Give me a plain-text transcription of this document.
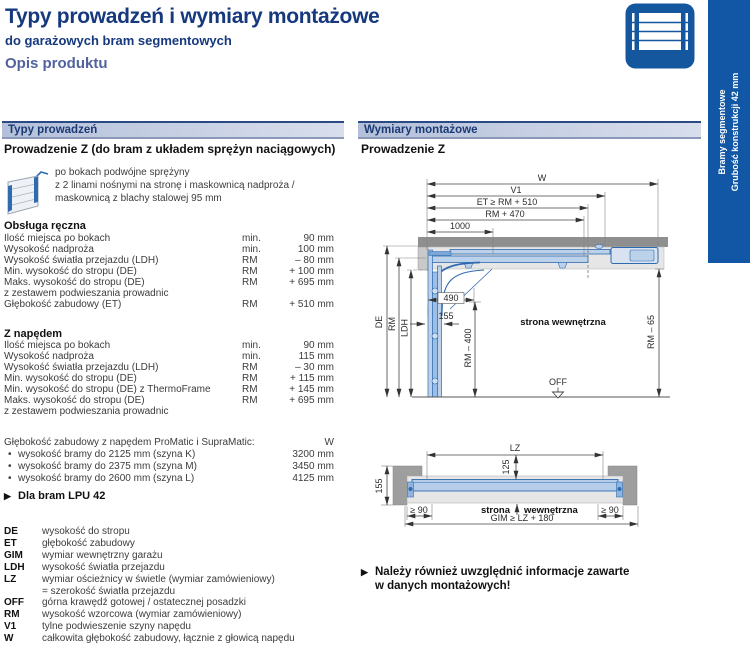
Typy prowadzeń i wymiary montażowe
do garażowych bram segmentowych
Opis produktu
Bramy segmentowe Grubość konstrukcji 42 mm
Typy prowadzeń	Wymiary montażowe
Prowadzenie Z (do bram z układem sprężyn naciągowych)
po bokach podwójne sprężyny
z 2 linami nośnymi na stronę i maskownicą nadproża /
maskownicą z blachy stalowej 95 mm
Obsługa ręczna
Ilość miejsca po bokach	min.	90 mm
Wysokość nadproża	min.	100 mm
Wysokość światła przejazdu (LDH)	RM	– 80 mm
Min. wysokość do stropu (DE)	RM	+ 100 mm
Maks. wysokość do stropu (DE)	RM	+ 695 mm
z zestawem podwieszania prowadnic
Głębokość zabudowy (ET)	RM	+ 510 mm
Z napędem
Ilość miejsca po bokach	min.	90 mm
Wysokość nadproża	min.	115 mm
Wysokość światła przejazdu (LDH)	RM	– 30 mm
Min. wysokość do stropu (DE)	RM	+ 115 mm
Min. wysokość do stropu (DE) z ThermoFrame	RM	+ 145 mm
Maks. wysokość do stropu (DE)	RM	+ 695 mm
z zestawem podwieszania prowadnic
Głębokość zabudowy z napędem ProMatic i SupraMatic:	W
• wysokość bramy do 2125 mm (szyna K)	3200 mm
• wysokość bramy do 2375 mm (szyna M)	3450 mm
• wysokość bramy do 2600 mm (szyna L)	4125 mm
▶ Dla bram LPU 42
DE	wysokość do stropu
ET	głębokość zabudowy
GIM	wymiar wewnętrzny garażu
LDH	wysokość światła przejazdu
LZ	wymiar ościeżnicy w świetle (wymiar zamówieniowy)
= szerokość światła przejazdu
OFF	górna krawędź gotowej / ostatecznej posadzki
RM	wysokość wzorcowa (wymiar zamówieniowy)
V1	tylne podwieszenie szyny napędu
W	całkowita głębokość zabudowy, łącznie z głowicą napędu
Prowadzenie Z
W
V1
ET ≥ RM + 510
RM + 470
1000
490
155
DE RM LDH
RM – 400	RM – 65
strona wewnętrzna
OFF
LZ
125
155
≥ 90	≥ 90
GIM ≥ LZ + 180
strona wewnętrzna
▶ Należy również uwzględnić informacje zawarte
w danych montażowych!
